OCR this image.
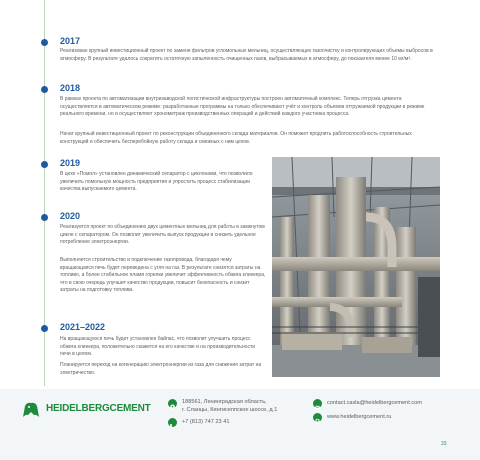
2017

Реализован крупный инвестиционный проект по замене фильтров угломольных мельниц, осуществляющих газоочистку и контролирующих объемы выбросов в атмосферу. В результате удалось сократить остаточную запыленность очищенных газов, выбрасываемых в атмосферу, до показателя менее 10 мг/м³.

2018

В рамках проекта по автоматизации внутризаводской логистической инфраструктуры построен автоматичный комплекс. Теперь отгрузка цемента осуществляется в автоматическом режиме: разработанные программы на только обеспечивают учёт и контроль объемов отгружаемой продукции в режиме реального времени, но и осуществляют хронометраж производственных операций и действий каждого участника процесса.

Начат крупный инвестиционный проект по реконструкции объединенного склада материалов. Он поможет продлить работоспособность строительных конструкций и обеспечить бесперебойную работу склада и смежных с ним цехов.

2019

В цехе «Помол» установлен динамический сепаратор с циклонами, что позволило увеличить помольную мощность предприятия и упростить процесс стабилизации качества выпускаемого цемента.

2020

Реализуется проект по объединению двух цементных мельниц для работы в замкнутом цикле с сепаратором. Он позволит увеличить выпуск продукции и снизить удельное потребление электроэнергии.

Выполняется строительство и подключение газопровода, благодаря чему вращающаяся печь будет переведена с угля на газ. В результате снизятся затраты на топливо, а более стабильное пламя горелки увеличит эффективность обжига клинкера, что в свою очередь улучшит качество продукции, повысит безопасность и снизит затраты на подготовку топлива.

2021–2022

На вращающуюся печь будет установлен байпас, что позволит улучшить процесс обжига клинкера, положительно скажется на его качестве и на производительности печи в целом.

Планируется переход на когенерацию электроэнергии из газа для снижения затрат на электричество.

HEIDELBERGCEMENT
188561, Ленинградская область,
г. Сланцы, Кингисеппское шоссе, д.1
+7 (813) 747 23 41
contact.casla@heidelbergcement.com
www.heidelbergcement.ru
33
